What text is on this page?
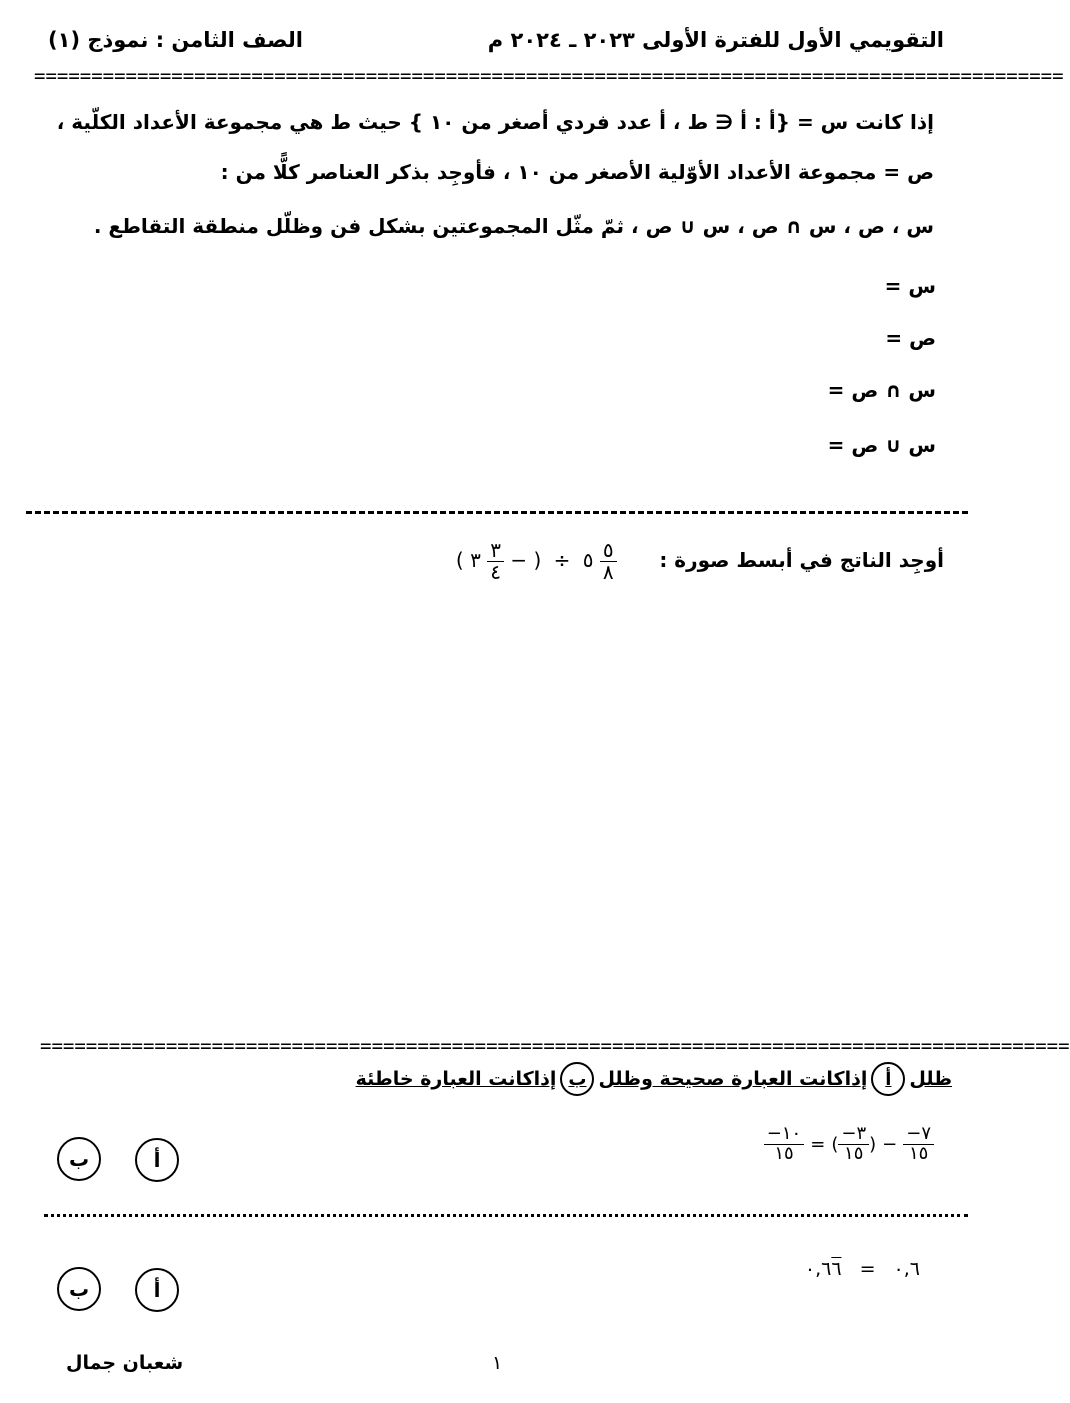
التقويمي الأول للفترة الأولى ٢٠٢٣ ـ ٢٠٢٤ م
الصف الثامن : نموذج (١)
==========================================================================================
إذا كانت س = {أ : أ ∈ ط ، أ عدد فردي أصغر من ١٠ } حيث ط هي مجموعة الأعداد الكلّية ،
ص = مجموعة الأعداد الأوّلية الأصغر من ١٠ ، فأوجِد بذكر العناصر كلًّا من :
س ، ص ، س ∩ ص ، س ∪ ص ، ثمّ مثّل المجموعتين بشكل فن وظلّل منطقة التقاطع .
س =
ص =
س ∩ ص =
س ∪ ص =
أوجِد الناتج في أبسط صورة :  ( ٣ $\frac{٣}{٤}$ − ) ÷ ٥ $\frac{٥}{٨}$
==========================================================================================
ظلل
أ
إذاكانت العبارة صحيحة وظلل
ب
إذاكانت العبارة خاطئة
$\frac{-١٠}{١٥}$ = ( $\frac{-٣}{١٥}$ ) − $\frac{-٧}{١٥}$
أ
ب
٠,٦ = ٠,٦٦
أ
ب
شعبان جمال	١
